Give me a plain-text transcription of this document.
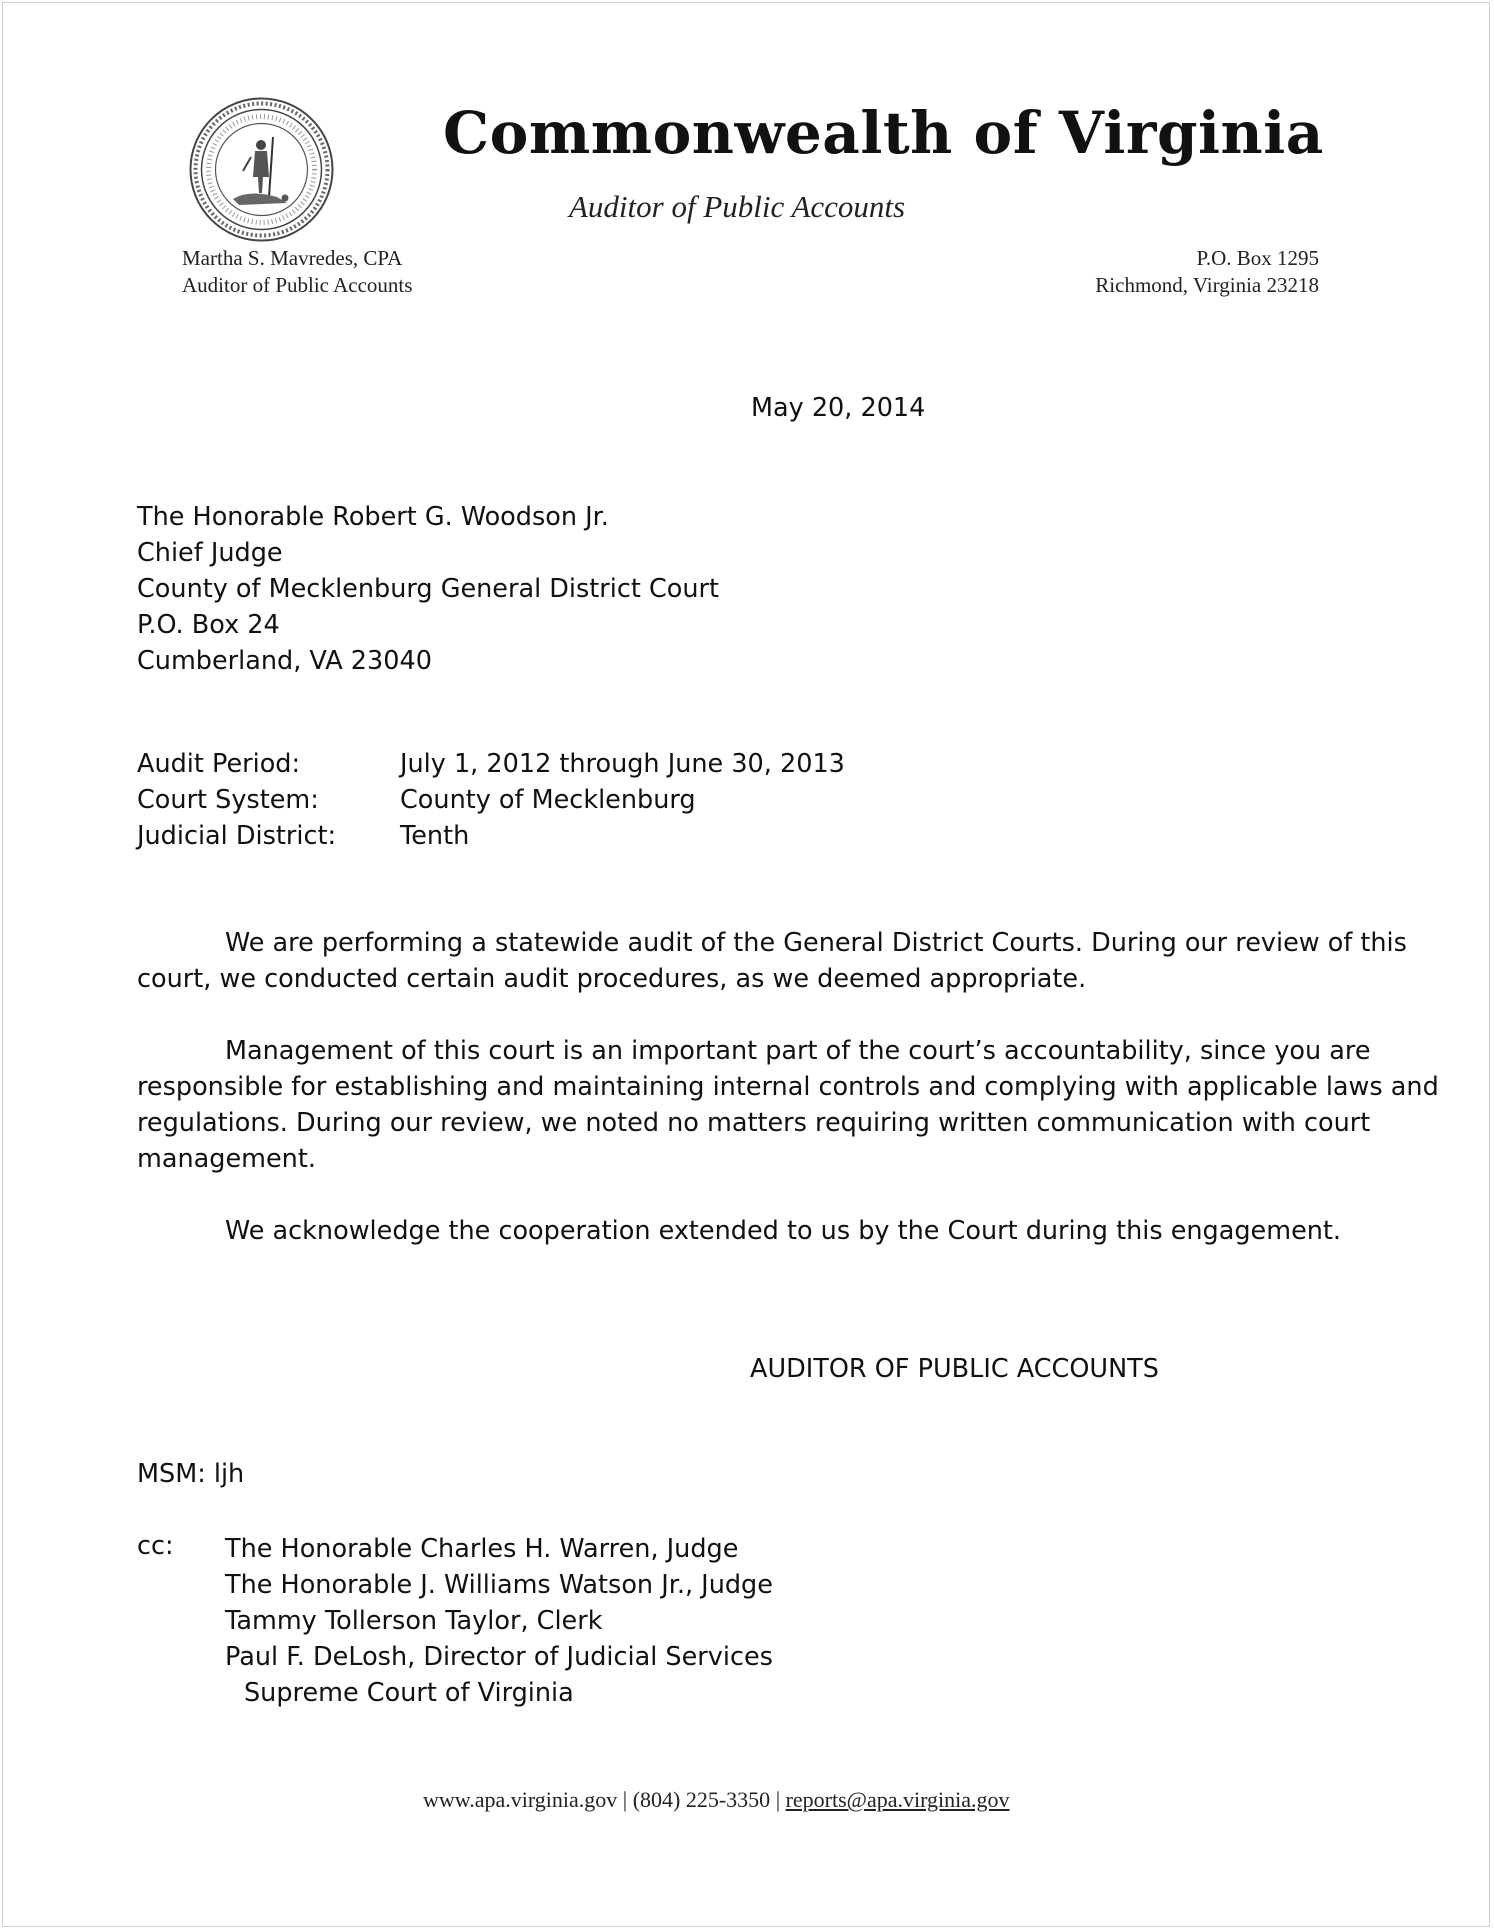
Commonwealth of Virginia
Auditor of Public Accounts
Martha S. Mavredes, CPA
Auditor of Public Accounts
P.O. Box 1295
Richmond, Virginia 23218
May 20, 2014
The Honorable Robert G. Woodson Jr.
Chief Judge
County of Mecklenburg General District Court
P.O. Box 24
Cumberland, VA 23040
Audit Period:	July 1, 2012 through June 30, 2013
Court System:	County of Mecklenburg
Judicial District:	Tenth
We are performing a statewide audit of the General District Courts. During our review of this
court, we conducted certain audit procedures, as we deemed appropriate.
Management of this court is an important part of the court’s accountability, since you are
responsible for establishing and maintaining internal controls and complying with applicable laws and
regulations. During our review, we noted no matters requiring written communication with court
management.
We acknowledge the cooperation extended to us by the Court during this engagement.
AUDITOR OF PUBLIC ACCOUNTS
MSM: ljh
cc: The Honorable Charles H. Warren, Judge
The Honorable J. Williams Watson Jr., Judge
Tammy Tollerson Taylor, Clerk
Paul F. DeLosh, Director of Judicial Services
Supreme Court of Virginia
www.apa.virginia.gov | (804) 225-3350 | reports@apa.virginia.gov
